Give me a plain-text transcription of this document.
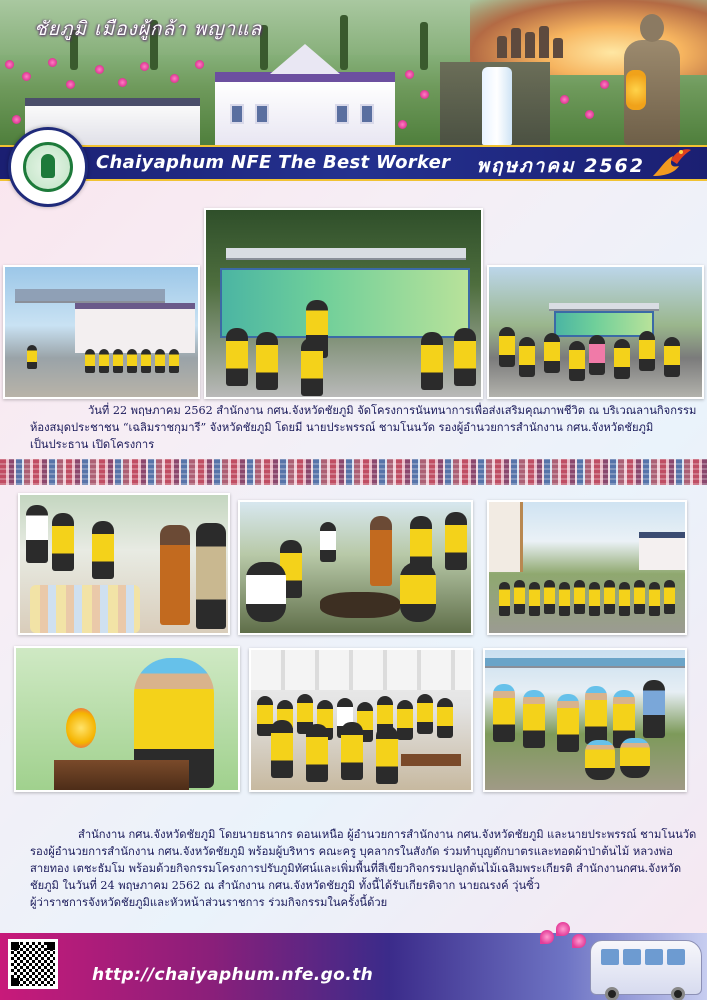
ชัยภูมิ เมืองผู้กล้า พญาแล
Chaiyaphum NFE The Best Worker พฤษภาคม 2562

วันที่ 22 พฤษภาคม 2562 สำนักงาน กศน.จังหวัดชัยภูมิ จัดโครงการนันทนาการเพื่อส่งเสริมคุณภาพชีวิต ณ บริเวณลานกิจกรรม

ห้องสมุดประชาชน “เฉลิมราชกุมารี” จังหวัดชัยภูมิ โดยมี นายประพรรณ์ ชามโนนวัด รองผู้อำนวยการสำนักงาน กศน.จังหวัดชัยภูมิ

เป็นประธาน เปิดโครงการ

สำนักงาน กศน.จังหวัดชัยภูมิ โดยนายธนากร ดอนเหนือ ผู้อำนวยการสำนักงาน กศน.จังหวัดชัยภูมิ และนายประพรรณ์ ชามโนนวัด

รองผู้อำนวยการสำนักงาน กศน.จังหวัดชัยภูมิ พร้อมผู้บริหาร คณะครู บุคลากรในสังกัด ร่วมทำบุญตักบาตรและทอดผ้าป่าต้นไม้ หลวงพ่อ

สายทอง เตชะธัมโม พร้อมด้วยกิจกรรมโครงการปรับภูมิทัศน์และเพิ่มพื้นที่สีเขียวกิจกรรมปลูกต้นไม้เฉลิมพระเกียรติ สำนักงานกศน.จังหวัด

ชัยภูมิ ในวันที่ 24 พฤษภาคม 2562 ณ สำนักงาน กศน.จังหวัดชัยภูมิ ทั้งนี้ได้รับเกียรติจาก นายณรงค์ วุ่นซิ้ว

ผู้ว่าราชการจังหวัดชัยภูมิและหัวหน้าส่วนราชการ ร่วมกิจกรรมในครั้งนี้ด้วย

http://chaiyaphum.nfe.go.th
